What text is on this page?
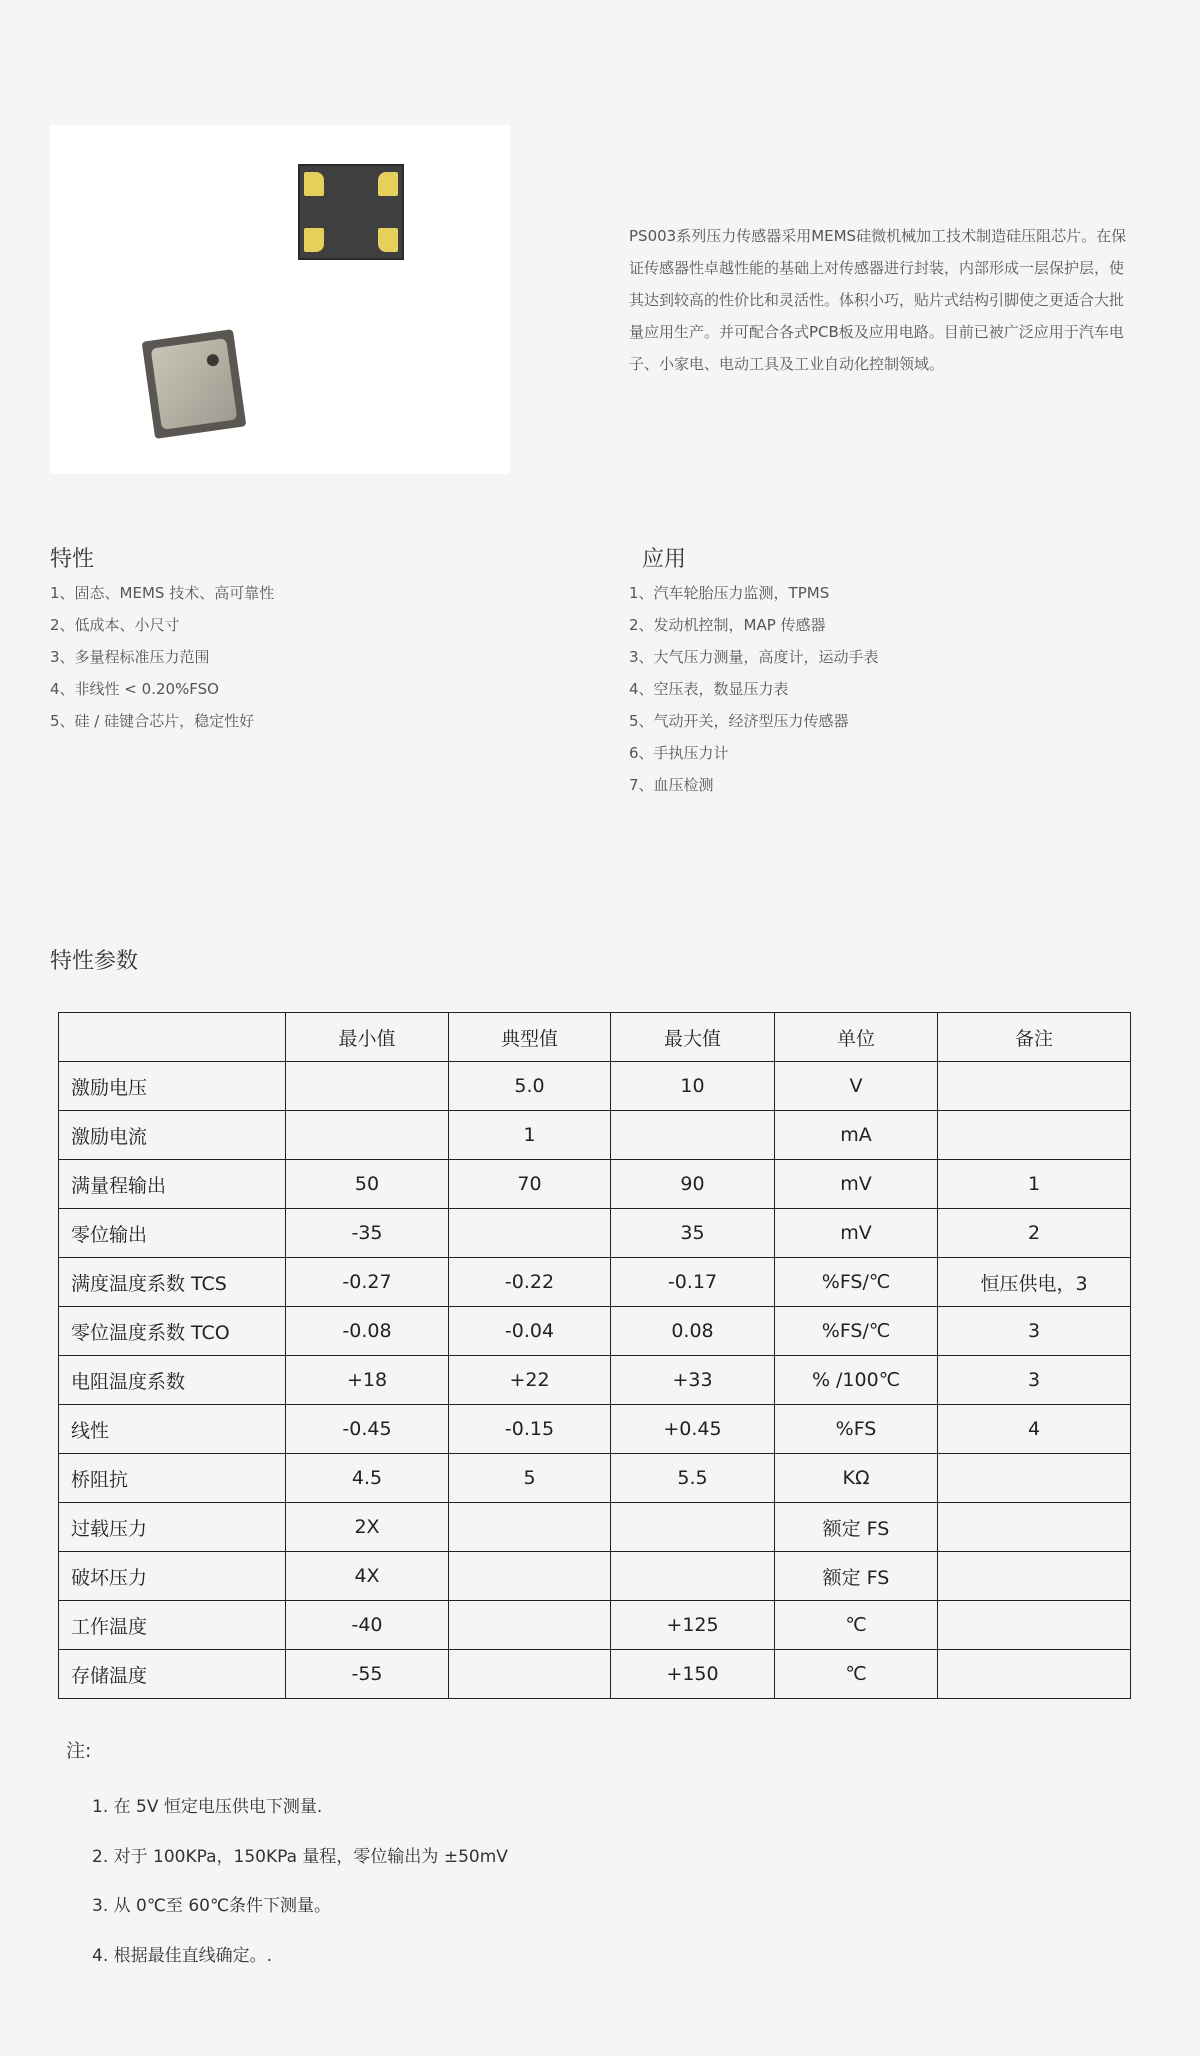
PS003系列压力传感器采用MEMS硅微机械加工技术制造硅压阻芯片。在保证传感器性卓越性能的基础上对传感器进行封装，内部形成一层保护层，使其达到较高的性价比和灵活性。体积小巧，贴片式结构引脚使之更适合大批量应用生产。并可配合各式PCB板及应用电路。目前已被广泛应用于汽车电子、小家电、电动工具及工业自动化控制领域。
特性
1、固态、MEMS 技术、高可靠性
2、低成本、小尺寸
3、多量程标准压力范围
4、非线性 < 0.20%FSO
5、硅 / 硅键合芯片，稳定性好
应用
1、汽车轮胎压力监测，TPMS
2、发动机控制，MAP 传感器
3、大气压力测量，高度计，运动手表
4、空压表，数显压力表
5、气动开关，经济型压力传感器
6、手执压力计
7、血压检测
特性参数
	最小值	典型值	最大值	单位	备注
激励电压		5.0	10	V	
激励电流		1		mA	
满量程输出	50	70	90	mV	1
零位输出	-35		35	mV	2
满度温度系数 TCS	-0.27	-0.22	-0.17	%FS/℃	恒压供电，3
零位温度系数 TCO	-0.08	-0.04	0.08	%FS/℃	3
电阻温度系数	+18	+22	+33	% /100℃	3
线性	-0.45	-0.15	+0.45	%FS	4
桥阻抗	4.5	5	5.5	KΩ	
过载压力	2X			额定 FS	
破坏压力	4X			额定 FS	
工作温度	-40		+125	℃	
存储温度	-55		+150	℃	
注:
1. 在 5V 恒定电压供电下测量.
2. 对于 100KPa，150KPa 量程，零位输出为 ±50mV
3. 从 0℃至 60℃条件下测量。
4. 根据最佳直线确定。.
